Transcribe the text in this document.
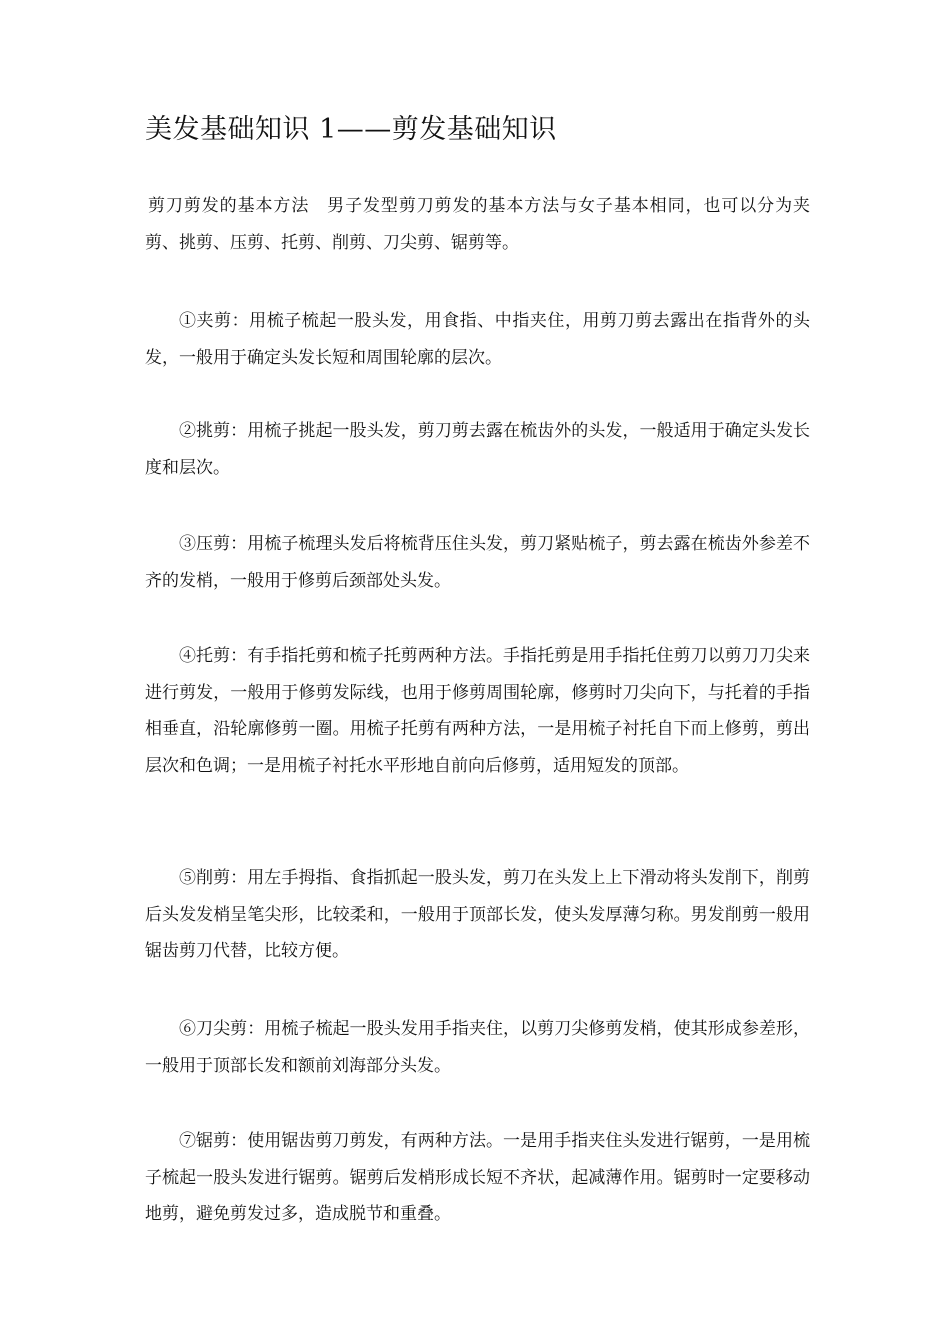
美发基础知识 1——剪发基础知识

剪刀剪发的基本方法　男子发型剪刀剪发的基本方法与女子基本相同，也可以分为夹剪、挑剪、压剪、托剪、削剪、刀尖剪、锯剪等。

①夹剪：用梳子梳起一股头发，用食指、中指夹住，用剪刀剪去露出在指背外的头发，一般用于确定头发长短和周围轮廓的层次。

②挑剪：用梳子挑起一股头发，剪刀剪去露在梳齿外的头发，一般适用于确定头发长度和层次。

③压剪：用梳子梳理头发后将梳背压住头发，剪刀紧贴梳子，剪去露在梳齿外参差不齐的发梢，一般用于修剪后颈部处头发。

④托剪：有手指托剪和梳子托剪两种方法。手指托剪是用手指托住剪刀以剪刀刀尖来进行剪发，一般用于修剪发际线，也用于修剪周围轮廓，修剪时刀尖向下，与托着的手指相垂直，沿轮廓修剪一圈。用梳子托剪有两种方法，一是用梳子衬托自下而上修剪，剪出层次和色调；一是用梳子衬托水平形地自前向后修剪，适用短发的顶部。

⑤削剪：用左手拇指、食指抓起一股头发，剪刀在头发上上下滑动将头发削下，削剪后头发发梢呈笔尖形，比较柔和，一般用于顶部长发，使头发厚薄匀称。男发削剪一般用锯齿剪刀代替，比较方便。

⑥刀尖剪：用梳子梳起一股头发用手指夹住，以剪刀尖修剪发梢，使其形成参差形，一般用于顶部长发和额前刘海部分头发。

⑦锯剪：使用锯齿剪刀剪发，有两种方法。一是用手指夹住头发进行锯剪，一是用梳子梳起一股头发进行锯剪。锯剪后发梢形成长短不齐状，起减薄作用。锯剪时一定要移动地剪，避免剪发过多，造成脱节和重叠。
